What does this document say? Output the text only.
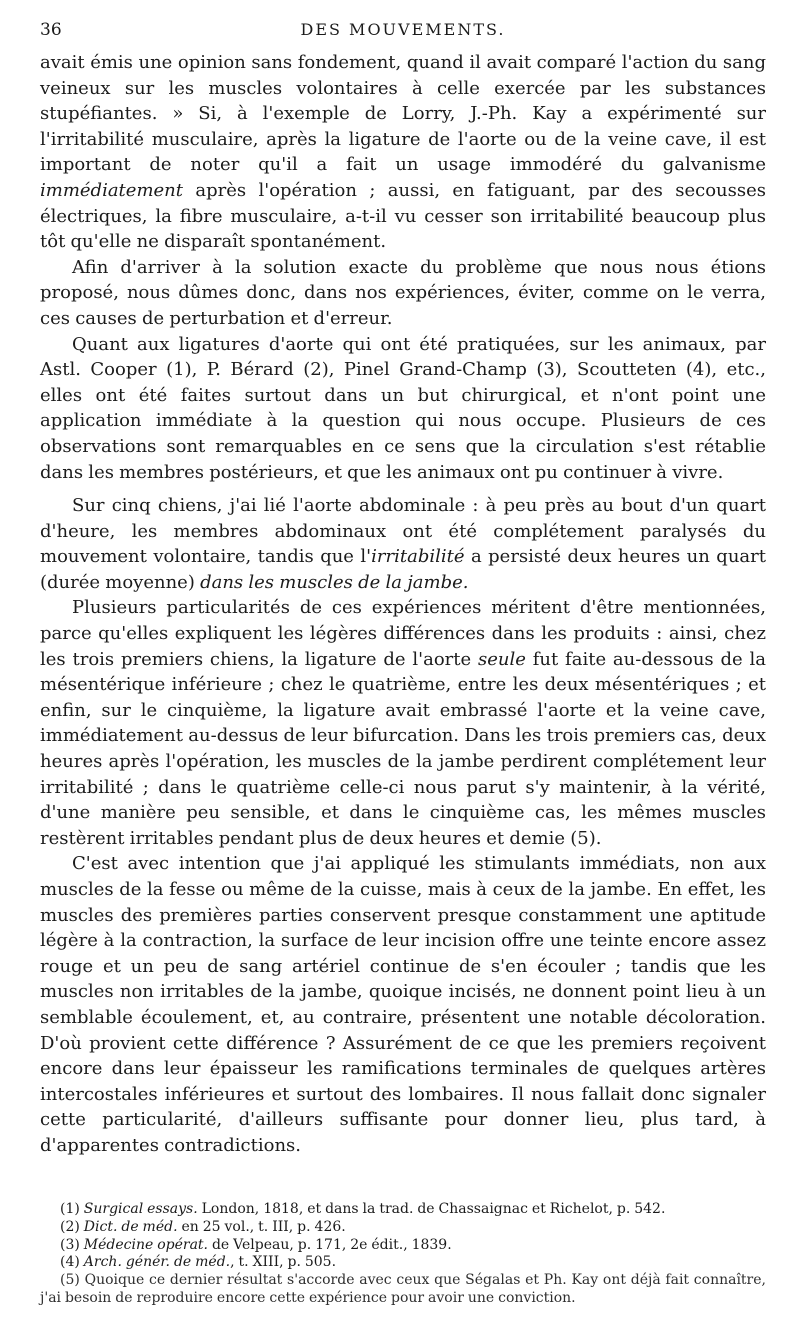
36	DES MOUVEMENTS.

avait émis une opinion sans fondement, quand il avait comparé l'action du sang veineux sur les muscles volontaires à celle exercée par les substances stupéfiantes. » Si, à l'exemple de Lorry, J.-Ph. Kay a expérimenté sur l'irritabilité musculaire, après la ligature de l'aorte ou de la veine cave, il est important de noter qu'il a fait un usage immodéré du galvanisme immédiatement après l'opération ; aussi, en fatiguant, par des secousses électriques, la fibre musculaire, a-t-il vu cesser son irritabilité beaucoup plus tôt qu'elle ne disparaît spontanément.

Afin d'arriver à la solution exacte du problème que nous nous étions proposé, nous dûmes donc, dans nos expériences, éviter, comme on le verra, ces causes de perturbation et d'erreur.

Quant aux ligatures d'aorte qui ont été pratiquées, sur les animaux, par Astl. Cooper (1), P. Bérard (2), Pinel Grand-Champ (3), Scoutteten (4), etc., elles ont été faites surtout dans un but chirurgical, et n'ont point une application immédiate à la question qui nous occupe. Plusieurs de ces observations sont remarquables en ce sens que la circulation s'est rétablie dans les membres postérieurs, et que les animaux ont pu continuer à vivre.

Sur cinq chiens, j'ai lié l'aorte abdominale : à peu près au bout d'un quart d'heure, les membres abdominaux ont été complétement paralysés du mouvement volontaire, tandis que l'irritabilité a persisté deux heures un quart (durée moyenne) dans les muscles de la jambe.

Plusieurs particularités de ces expériences méritent d'être mentionnées, parce qu'elles expliquent les légères différences dans les produits : ainsi, chez les trois premiers chiens, la ligature de l'aorte seule fut faite au-dessous de la mésentérique inférieure ; chez le quatrième, entre les deux mésentériques ; et enfin, sur le cinquième, la ligature avait embrassé l'aorte et la veine cave, immédiatement au-dessus de leur bifurcation. Dans les trois premiers cas, deux heures après l'opération, les muscles de la jambe perdirent complétement leur irritabilité ; dans le quatrième celle-ci nous parut s'y maintenir, à la vérité, d'une manière peu sensible, et dans le cinquième cas, les mêmes muscles restèrent irritables pendant plus de deux heures et demie (5).

C'est avec intention que j'ai appliqué les stimulants immédiats, non aux muscles de la fesse ou même de la cuisse, mais à ceux de la jambe. En effet, les muscles des premières parties conservent presque constamment une aptitude légère à la contraction, la surface de leur incision offre une teinte encore assez rouge et un peu de sang artériel continue de s'en écouler ; tandis que les muscles non irritables de la jambe, quoique incisés, ne donnent point lieu à un semblable écoulement, et, au contraire, présentent une notable décoloration. D'où provient cette différence ? Assurément de ce que les premiers reçoivent encore dans leur épaisseur les ramifications terminales de quelques artères intercostales inférieures et surtout des lombaires. Il nous fallait donc signaler cette particularité, d'ailleurs suffisante pour donner lieu, plus tard, à d'apparentes contradictions.

(1) Surgical essays. London, 1818, et dans la trad. de Chassaignac et Richelot, p. 542.

(2) Dict. de méd. en 25 vol., t. III, p. 426.

(3) Médecine opérat. de Velpeau, p. 171, 2e édit., 1839.

(4) Arch. génér. de méd., t. XIII, p. 505.

(5) Quoique ce dernier résultat s'accorde avec ceux que Ségalas et Ph. Kay ont déjà fait connaître, j'ai besoin de reproduire encore cette expérience pour avoir une conviction.
